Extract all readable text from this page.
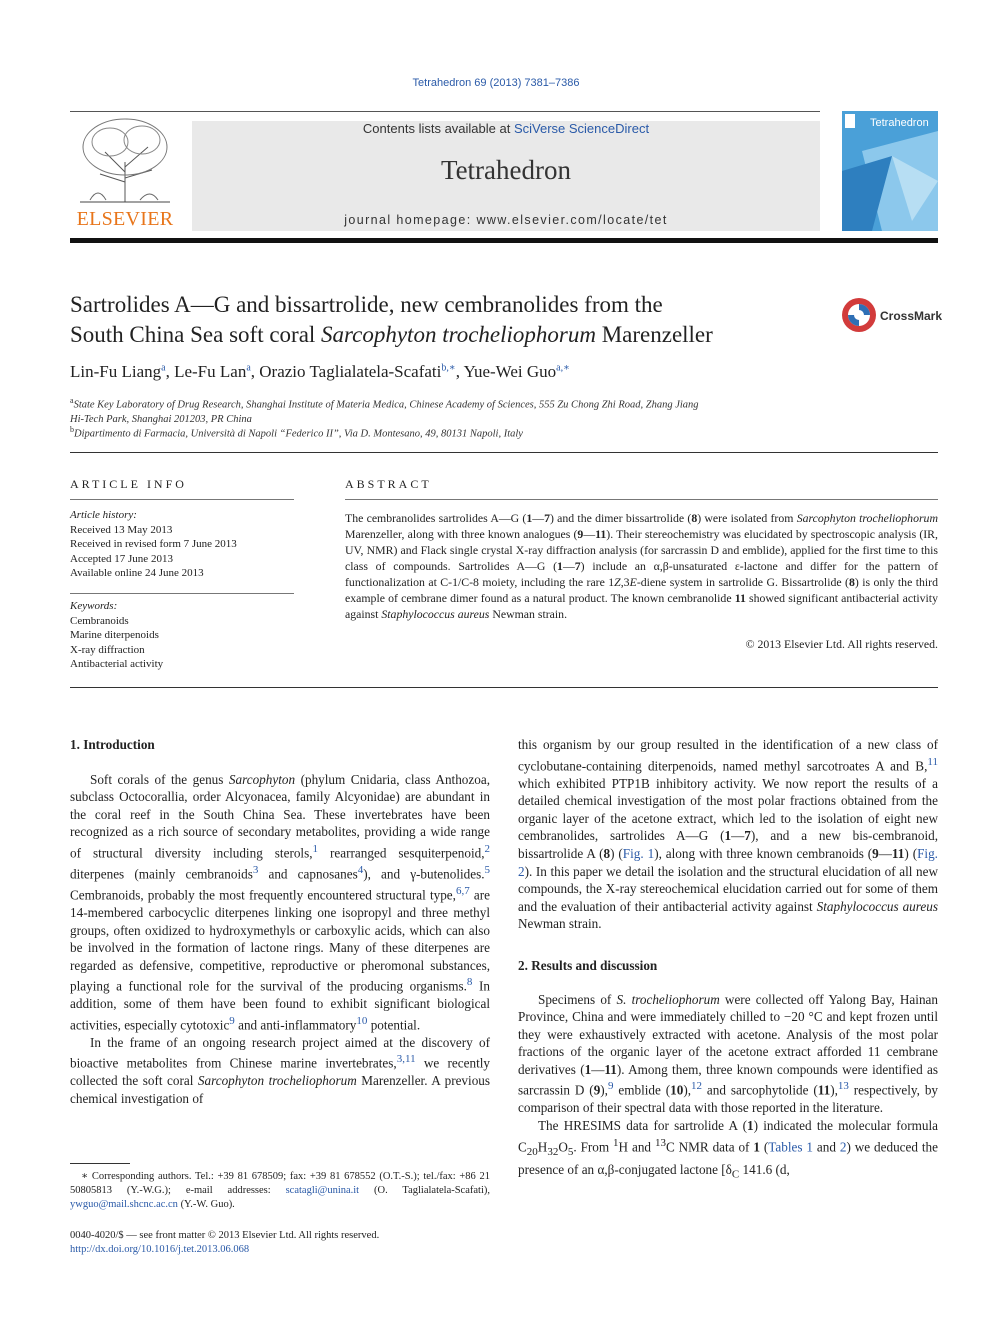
Tetrahedron 69 (2013) 7381–7386
ELSEVIER
Contents lists available at SciVerse ScienceDirect
Tetrahedron
journal homepage: www.elsevier.com/locate/tet
Tetrahedron
Sartrolides A—G and bissartrolide, new cembranolides from the
South China Sea soft coral Sarcophyton trocheliophorum Marenzeller
CrossMark
Lin-Fu Liang$^a$, Le-Fu Lan$^a$, Orazio Taglialatela-Scafati$^{b,∗}$, Yue-Wei Guo$^{a,∗}$
$^a$State Key Laboratory of Drug Research, Shanghai Institute of Materia Medica, Chinese Academy of Sciences, 555 Zu Chong Zhi Road, Zhang Jiang
Hi-Tech Park, Shanghai 201203, PR China
$^b$Dipartimento di Farmacia, Università di Napoli “Federico II”, Via D. Montesano, 49, 80131 Napoli, Italy
ARTICLE INFO
Article history:
Received 13 May 2013
Received in revised form 7 June 2013
Accepted 17 June 2013
Available online 24 June 2013
Keywords:
Cembranoids
Marine diterpenoids
X-ray diffraction
Antibacterial activity
ABSTRACT
The cembranolides sartrolides A—G (1—7) and the dimer bissartrolide (8) were isolated from Sarcophyton trocheliophorum Marenzeller, along with three known analogues (9—11). Their stereochemistry was elucidated by spectroscopic analysis (IR, UV, NMR) and Flack single crystal X-ray diffraction analysis (for sarcrassin D and emblide), applied for the first time to this class of compounds. Sartrolides A—G (1—7) include an α,β-unsaturated ε-lactone and differ for the pattern of functionalization at C-1/C-8 moiety, including the rare 1Z,3E-diene system in sartrolide G. Bissartrolide (8) is only the third example of cembrane dimer found as a natural product. The known cembranolide 11 showed significant antibacterial activity against Staphylococcus aureus Newman strain.
© 2013 Elsevier Ltd. All rights reserved.
1. Introduction

Soft corals of the genus Sarcophyton (phylum Cnidaria, class Anthozoa, subclass Octocorallia, order Alcyonacea, family Alcyonidae) are abundant in the coral reef in the South China Sea. These invertebrates have been recognized as a rich source of secondary metabolites, providing a wide range of structural diversity including sterols,$^1$ rearranged sesquiterpenoid,$^2$ diterpenes (mainly cembranoids$^3$ and capnosanes$^4$), and γ-butenolides.$^5$ Cembranoids, probably the most frequently encountered structural type,$^{6,7}$ are 14-membered carbocyclic diterpenes linking one isopropyl and three methyl groups, often oxidized to hydroxymethyls or carboxylic acids, which can also be involved in the formation of lactone rings. Many of these diterpenes are regarded as defensive, competitive, reproductive or pheromonal substances, playing a functional role for the survival of the producing organisms.$^8$ In addition, some of them have been found to exhibit significant biological activities, especially cytotoxic$^9$ and anti-inflammatory$^{10}$ potential.

In the frame of an ongoing research project aimed at the discovery of bioactive metabolites from Chinese marine invertebrates,$^{3,11}$ we recently collected the soft coral Sarcophyton trocheliophorum Marenzeller. A previous chemical investigation of

∗ Corresponding authors. Tel.: +39 81 678509; fax: +39 81 678552 (O.T.-S.); tel./fax: +86 21 50805813 (Y.-W.G.); e-mail addresses: scatagli@unina.it (O. Taglialatela-Scafati), ywguo@mail.shcnc.ac.cn (Y.-W. Guo).
0040-4020/$ — see front matter © 2013 Elsevier Ltd. All rights reserved.
http://dx.doi.org/10.1016/j.tet.2013.06.068

this organism by our group resulted in the identification of a new class of cyclobutane-containing diterpenoids, named methyl sarcotroates A and B,$^{11}$ which exhibited PTP1B inhibitory activity. We now report the results of a detailed chemical investigation of the most polar fractions obtained from the organic layer of the acetone extract, which led to the isolation of eight new cembranolides, sartrolides A—G (1—7), and a new bis-cembranoid, bissartrolide A (8) (Fig. 1), along with three known cembranoids (9—11) (Fig. 2). In this paper we detail the isolation and the structural elucidation of all new compounds, the X-ray stereochemical elucidation carried out for some of them and the evaluation of their antibacterial activity against Staphylococcus aureus Newman strain.

2. Results and discussion

Specimens of S. trocheliophorum were collected off Yalong Bay, Hainan Province, China and were immediately chilled to −20 °C and kept frozen until they were exhaustively extracted with acetone. Analysis of the most polar fractions of the organic layer of the acetone extract afforded 11 cembrane derivatives (1—11). Among them, three known compounds were identified as sarcrassin D (9),$^9$ emblide (10),$^{12}$ and sarcophytolide (11),$^{13}$ respectively, by comparison of their spectral data with those reported in the literature.

The HRESIMS data for sartrolide A (1) indicated the molecular formula $C_{20}H_{32}O_5$. From $^1$H and $^{13}$C NMR data of 1 (Tables 1 and 2) we deduced the presence of an α,β-conjugated lactone [$\delta_C$ 141.6 (d,
